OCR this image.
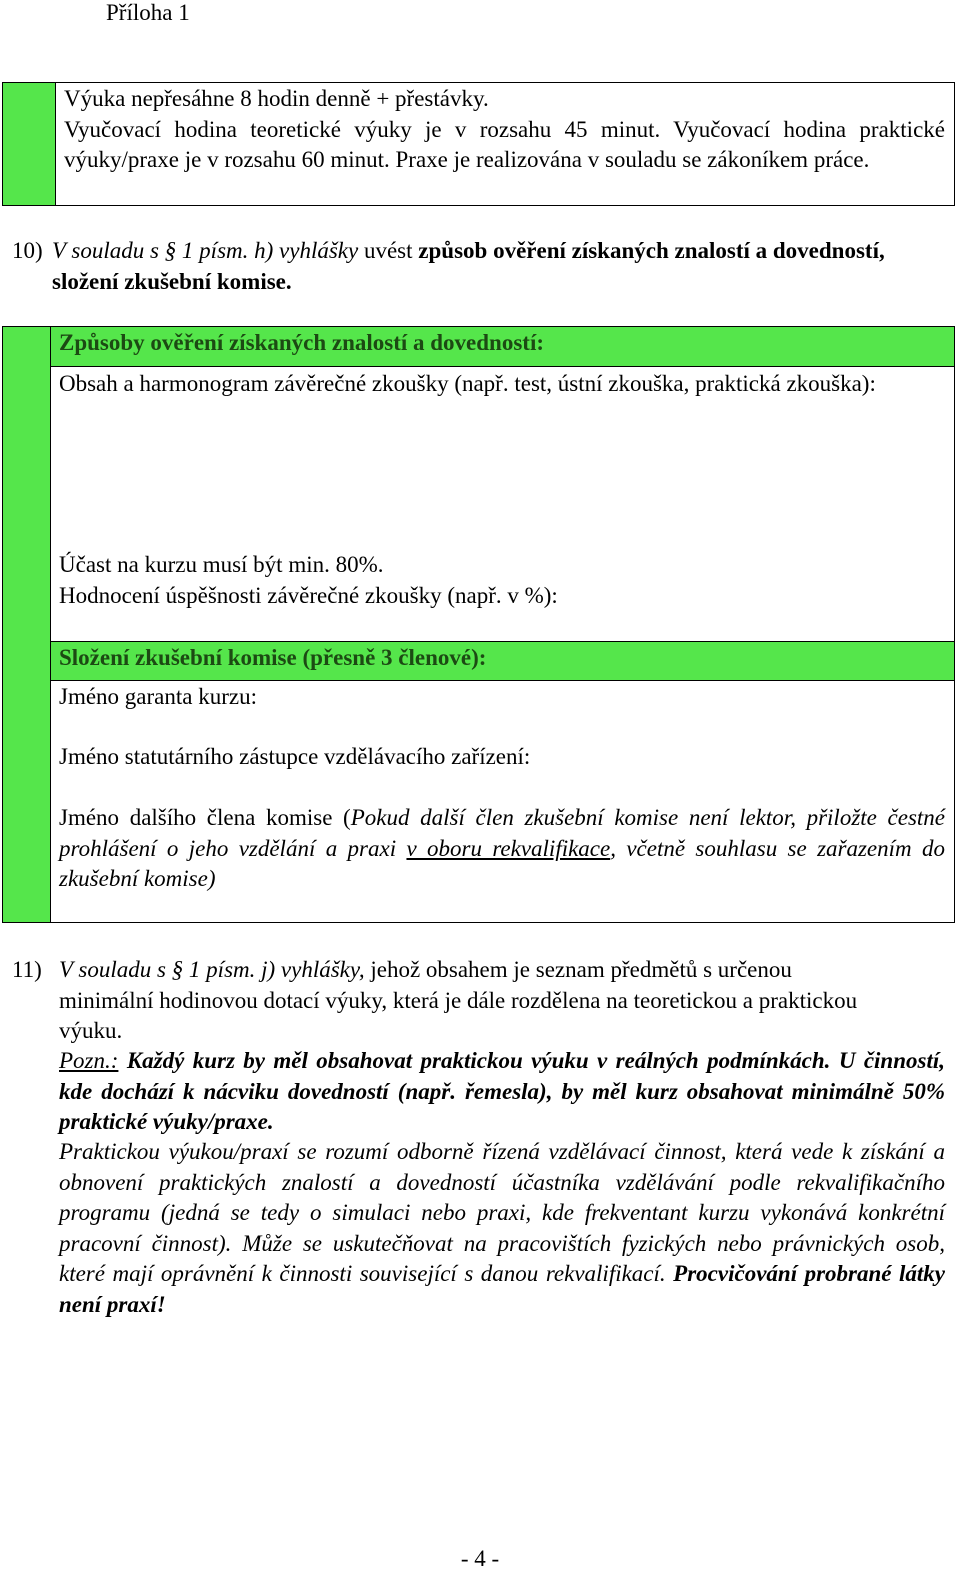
Příloha 1

Výuka nepřesáhne 8 hodin denně + přestávky.

Vyučovací hodina teoretické výuky je v rozsahu 45 minut. Vyučovací hodina praktické výuky/praxe je v rozsahu 60 minut. Praxe je realizována v souladu se zákoníkem práce.

10) V souladu s § 1 písm. h) vyhlášky uvést způsob ověření získaných znalostí a dovedností, složení zkušební komise.
Způsoby ověření získaných znalostí a dovedností:
Obsah a harmonogram závěrečné zkoušky (např. test, ústní zkouška, praktická zkouška):
Účast na kurzu musí být min. 80%.
Hodnocení úspěšnosti závěrečné zkoušky (např. v %):
Složení zkušební komise (přesně 3 členové):
Jméno garanta kurzu:
Jméno statutárního zástupce vzdělávacího zařízení:
Jméno dalšího člena komise (Pokud další člen zkušební komise není lektor, přiložte čestné prohlášení o jeho vzdělání a praxi v oboru rekvalifikace, včetně souhlasu se zařazením do zkušební komise)
11) V souladu s § 1 písm. j) vyhlášky, jehož obsahem je seznam předmětů s určenou minimální hodinovou dotací výuky, která je dále rozdělena na teoretickou a praktickou výuku.
Pozn.: Každý kurz by měl obsahovat praktickou výuku v reálných podmínkách. U činností, kde dochází k nácviku dovedností (např. řemesla), by měl kurz obsahovat minimálně 50% praktické výuky/praxe.
Praktickou výukou/praxí se rozumí odborně řízená vzdělávací činnost, která vede k získání a obnovení praktických znalostí a dovedností účastníka vzdělávání podle rekvalifikačního programu (jedná se tedy o simulaci nebo praxi, kde frekventant kurzu vykonává konkrétní pracovní činnost). Může se uskutečňovat na pracovištích fyzických nebo právnických osob, které mají oprávnění k činnosti související s danou rekvalifikací. Procvičování probrané látky není praxí!
- 4 -
